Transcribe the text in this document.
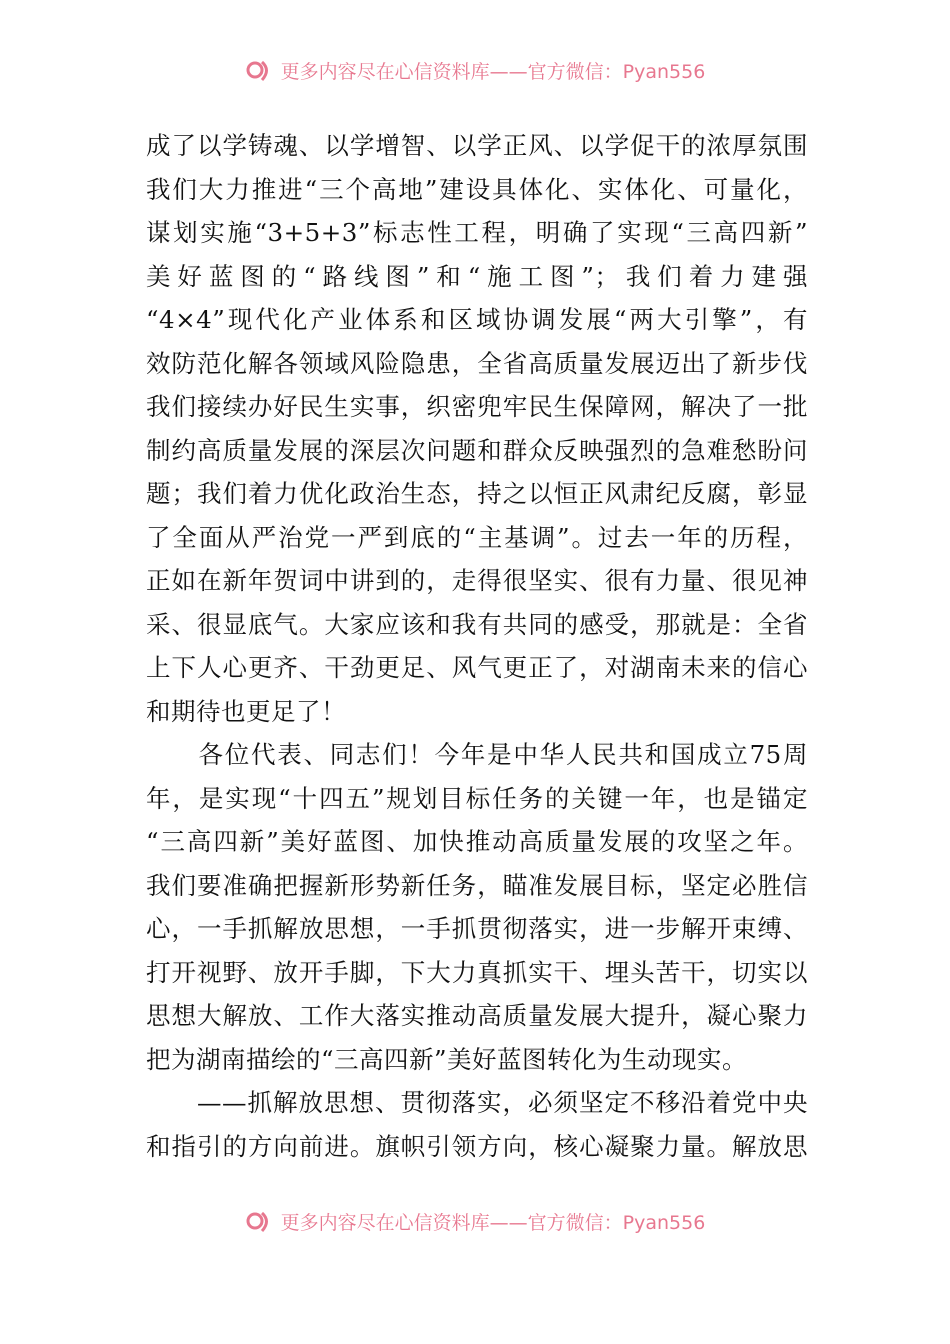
更多内容尽在心信资料库——官方微信：Pyan556
成了以学铸魂、以学增智、以学正风、以学促干的浓厚氛围
我们大力推进“三个高地”建设具体化、实体化、可量化，
谋划实施“3+5+3”标志性工程，明确了实现“三高四新”
美好蓝图的“路线图”和“施工图”；我们着力建强
“4×4”现代化产业体系和区域协调发展“两大引擎”，有
效防范化解各领域风险隐患，全省高质量发展迈出了新步伐
我们接续办好民生实事，织密兜牢民生保障网，解决了一批
制约高质量发展的深层次问题和群众反映强烈的急难愁盼问
题；我们着力优化政治生态，持之以恒正风肃纪反腐，彰显
了全面从严治党一严到底的“主基调”。过去一年的历程，
正如在新年贺词中讲到的，走得很坚实、很有力量、很见神
采、很显底气。大家应该和我有共同的感受，那就是：全省
上下人心更齐、干劲更足、风气更正了，对湖南未来的信心
和期待也更足了！
　　各位代表、同志们！今年是中华人民共和国成立75周
年，是实现“十四五”规划目标任务的关键一年，也是锚定
“三高四新”美好蓝图、加快推动高质量发展的攻坚之年。
我们要准确把握新形势新任务，瞄准发展目标，坚定必胜信
心，一手抓解放思想，一手抓贯彻落实，进一步解开束缚、
打开视野、放开手脚，下大力真抓实干、埋头苦干，切实以
思想大解放、工作大落实推动高质量发展大提升，凝心聚力
把为湖南描绘的“三高四新”美好蓝图转化为生动现实。
　　——抓解放思想、贯彻落实，必须坚定不移沿着党中央
和指引的方向前进。旗帜引领方向，核心凝聚力量。解放思
更多内容尽在心信资料库——官方微信：Pyan556
